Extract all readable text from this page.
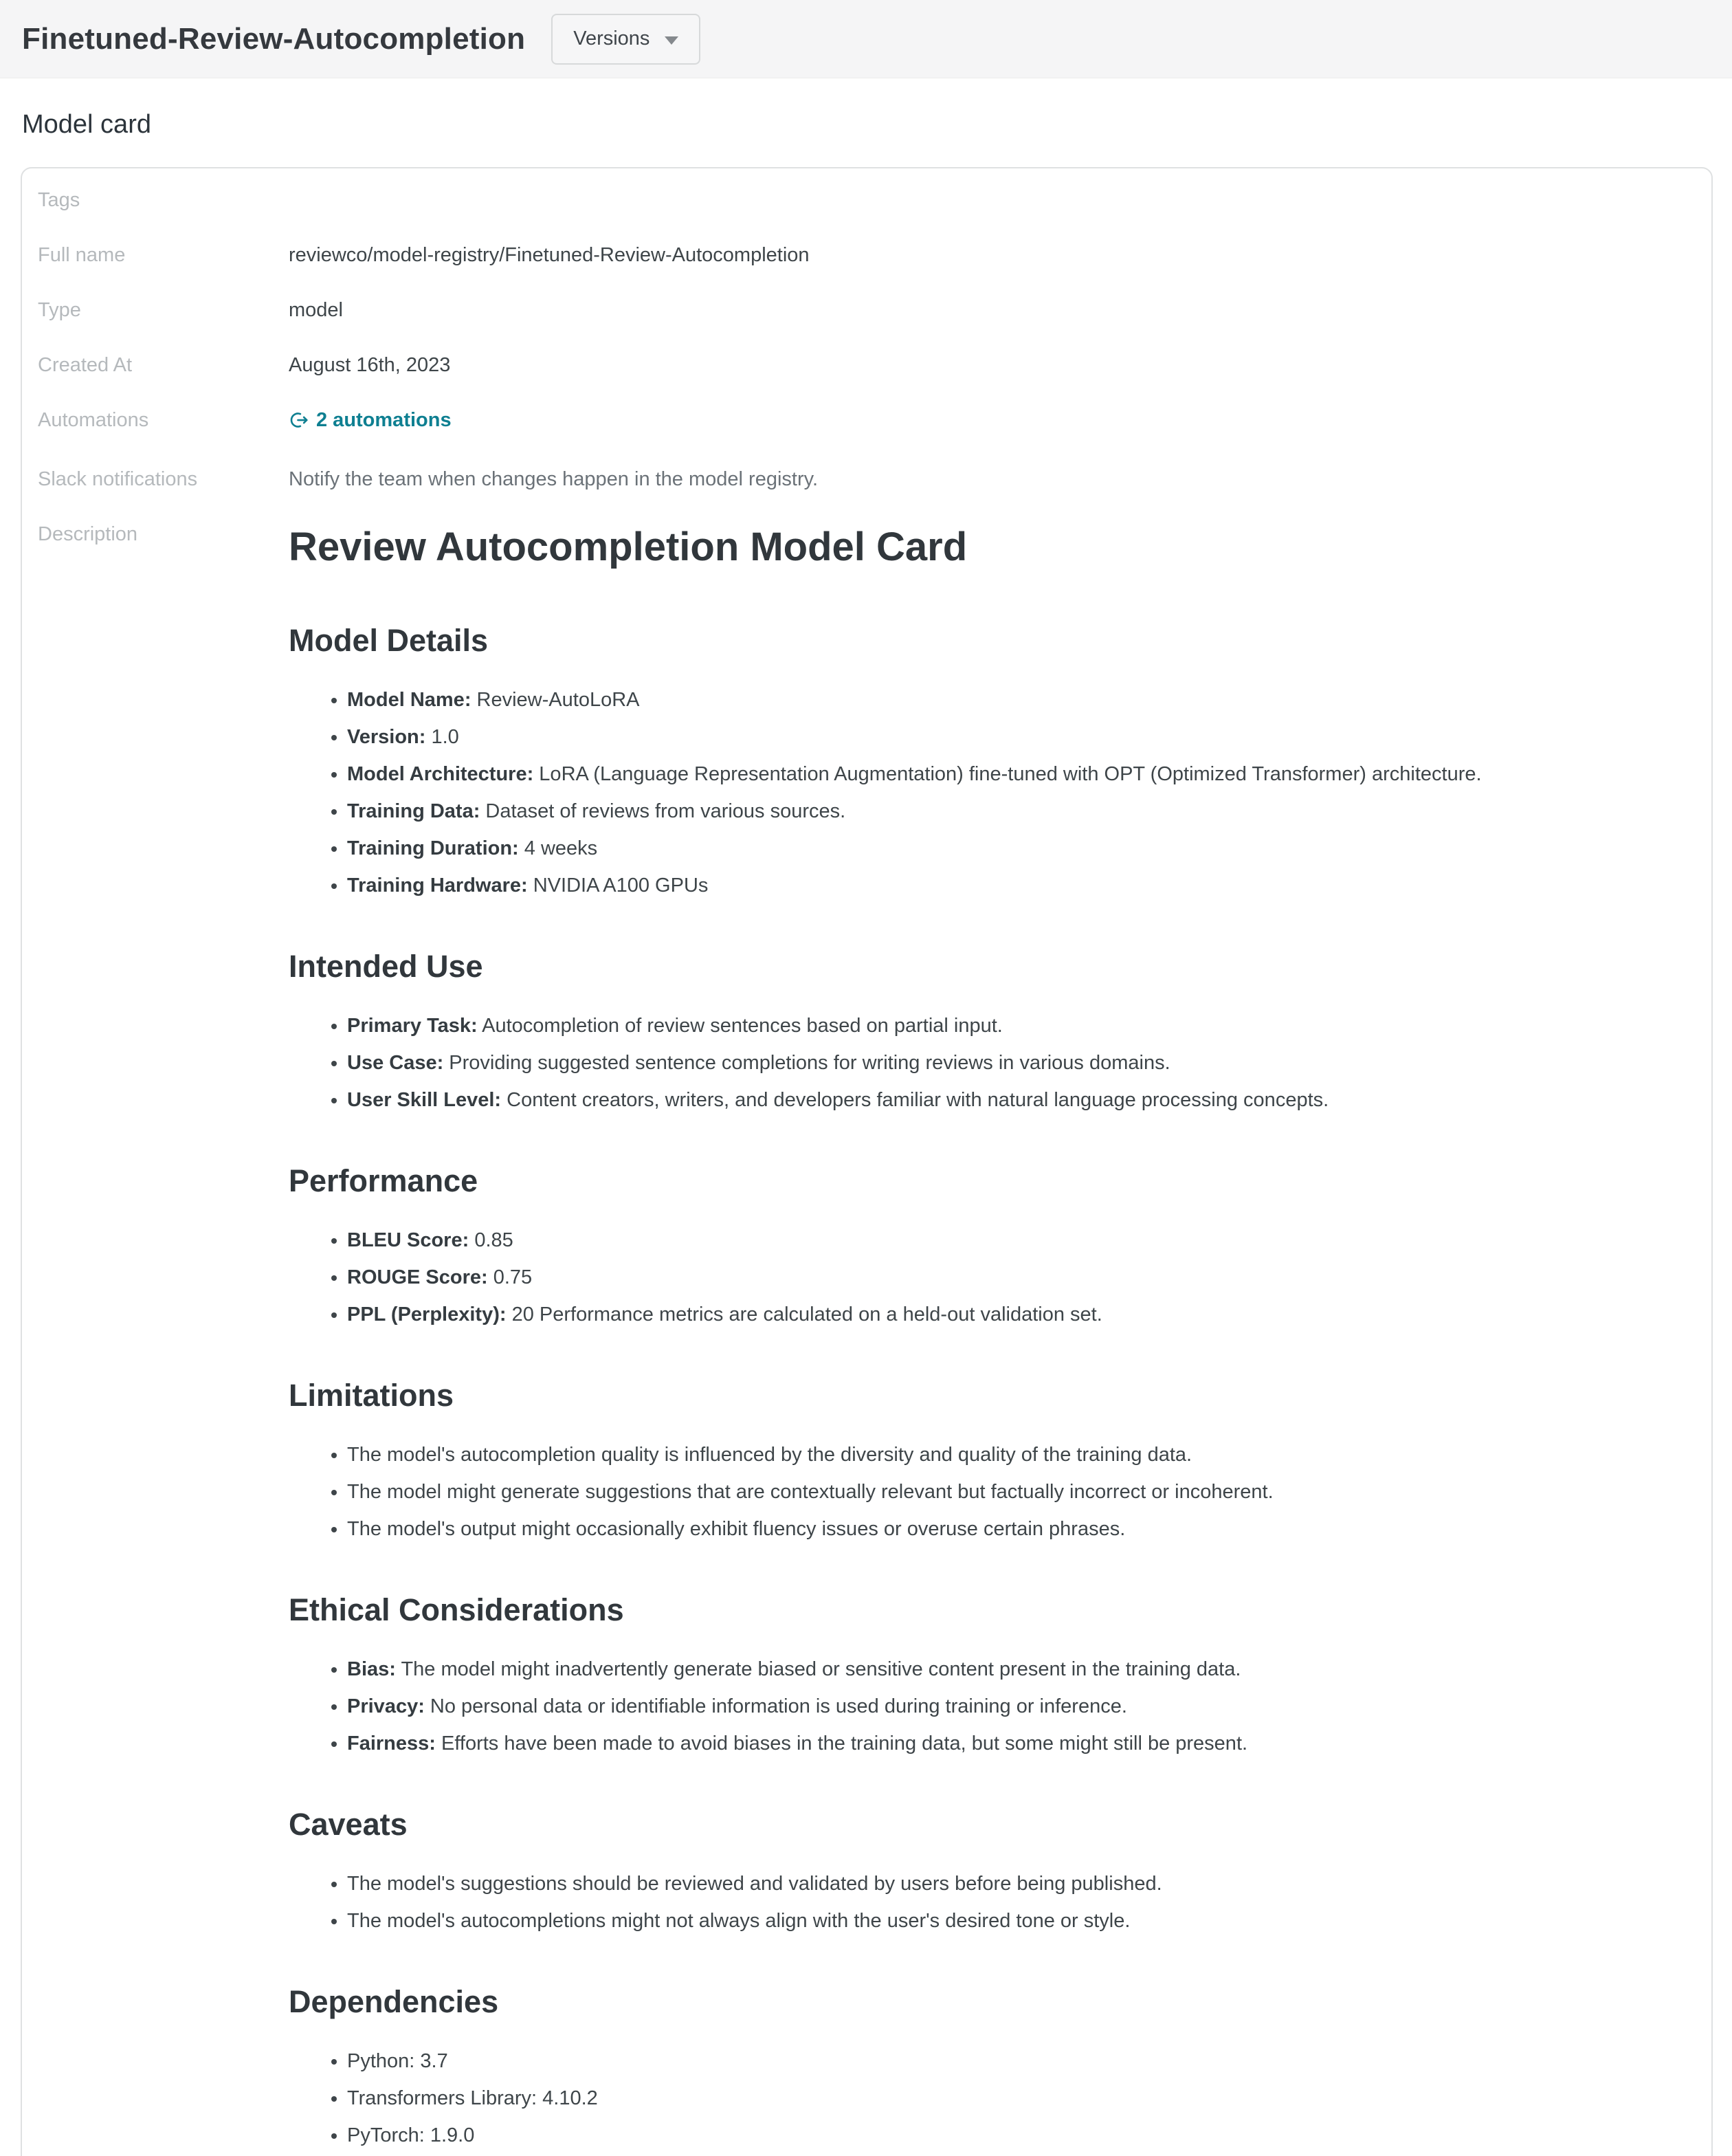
Finetuned-Review-Autocompletion Versions
Model card
Tags
Full name	reviewco/model-registry/Finetuned-Review-Autocompletion
Type	model
Created At	August 16th, 2023
Automations	2 automations
Slack notifications	Notify the team when changes happen in the model registry.
Description	Review Autocompletion Model Card
Model Details
• Model Name: Review-AutoLoRA
• Version: 1.0
• Model Architecture: LoRA (Language Representation Augmentation) fine-tuned with OPT (Optimized Transformer) architecture.
• Training Data: Dataset of reviews from various sources.
• Training Duration: 4 weeks
• Training Hardware: NVIDIA A100 GPUs
Intended Use
• Primary Task: Autocompletion of review sentences based on partial input.
• Use Case: Providing suggested sentence completions for writing reviews in various domains.
• User Skill Level: Content creators, writers, and developers familiar with natural language processing concepts.
Performance
• BLEU Score: 0.85
• ROUGE Score: 0.75
• PPL (Perplexity): 20 Performance metrics are calculated on a held-out validation set.
Limitations
• The model's autocompletion quality is influenced by the diversity and quality of the training data.
• The model might generate suggestions that are contextually relevant but factually incorrect or incoherent.
• The model's output might occasionally exhibit fluency issues or overuse certain phrases.
Ethical Considerations
• Bias: The model might inadvertently generate biased or sensitive content present in the training data.
• Privacy: No personal data or identifiable information is used during training or inference.
• Fairness: Efforts have been made to avoid biases in the training data, but some might still be present.
Caveats
• The model's suggestions should be reviewed and validated by users before being published.
• The model's autocompletions might not always align with the user's desired tone or style.
Dependencies
• Python: 3.7
• Transformers Library: 4.10.2
• PyTorch: 1.9.0
